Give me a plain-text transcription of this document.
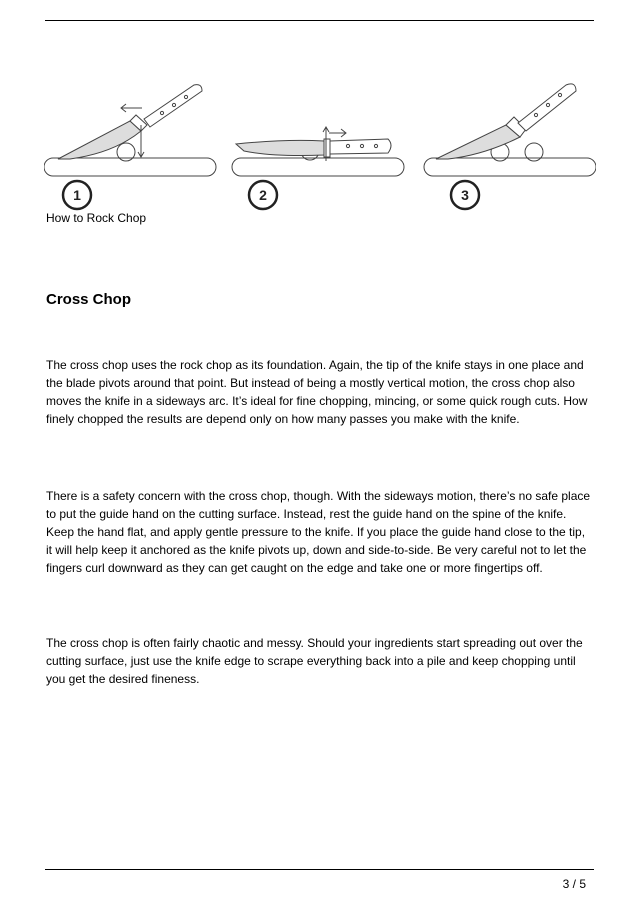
1	2	3
How to Rock Chop
Cross Chop

The cross chop uses the rock chop as its foundation. Again, the tip of the knife stays in one place and the blade pivots around that point. But instead of being a mostly vertical motion, the cross chop also moves the knife in a sideways arc. It’s ideal for fine chopping, mincing, or some quick rough cuts. How finely chopped the results are depend only on how many passes you make with the knife.

There is a safety concern with the cross chop, though. With the sideways motion, there’s no safe place to put the guide hand on the cutting surface. Instead, rest the guide hand on the spine of the knife. Keep the hand flat, and apply gentle pressure to the knife. If you place the guide hand close to the tip, it will help keep it anchored as the knife pivots up, down and side-to-side. Be very careful not to let the fingers curl downward as they can get caught on the edge and take one or more fingertips off.

The cross chop is often fairly chaotic and messy. Should your ingredients start spreading out over the cutting surface, just use the knife edge to scrape everything back into a pile and keep chopping until you get the desired fineness.

3 / 5
